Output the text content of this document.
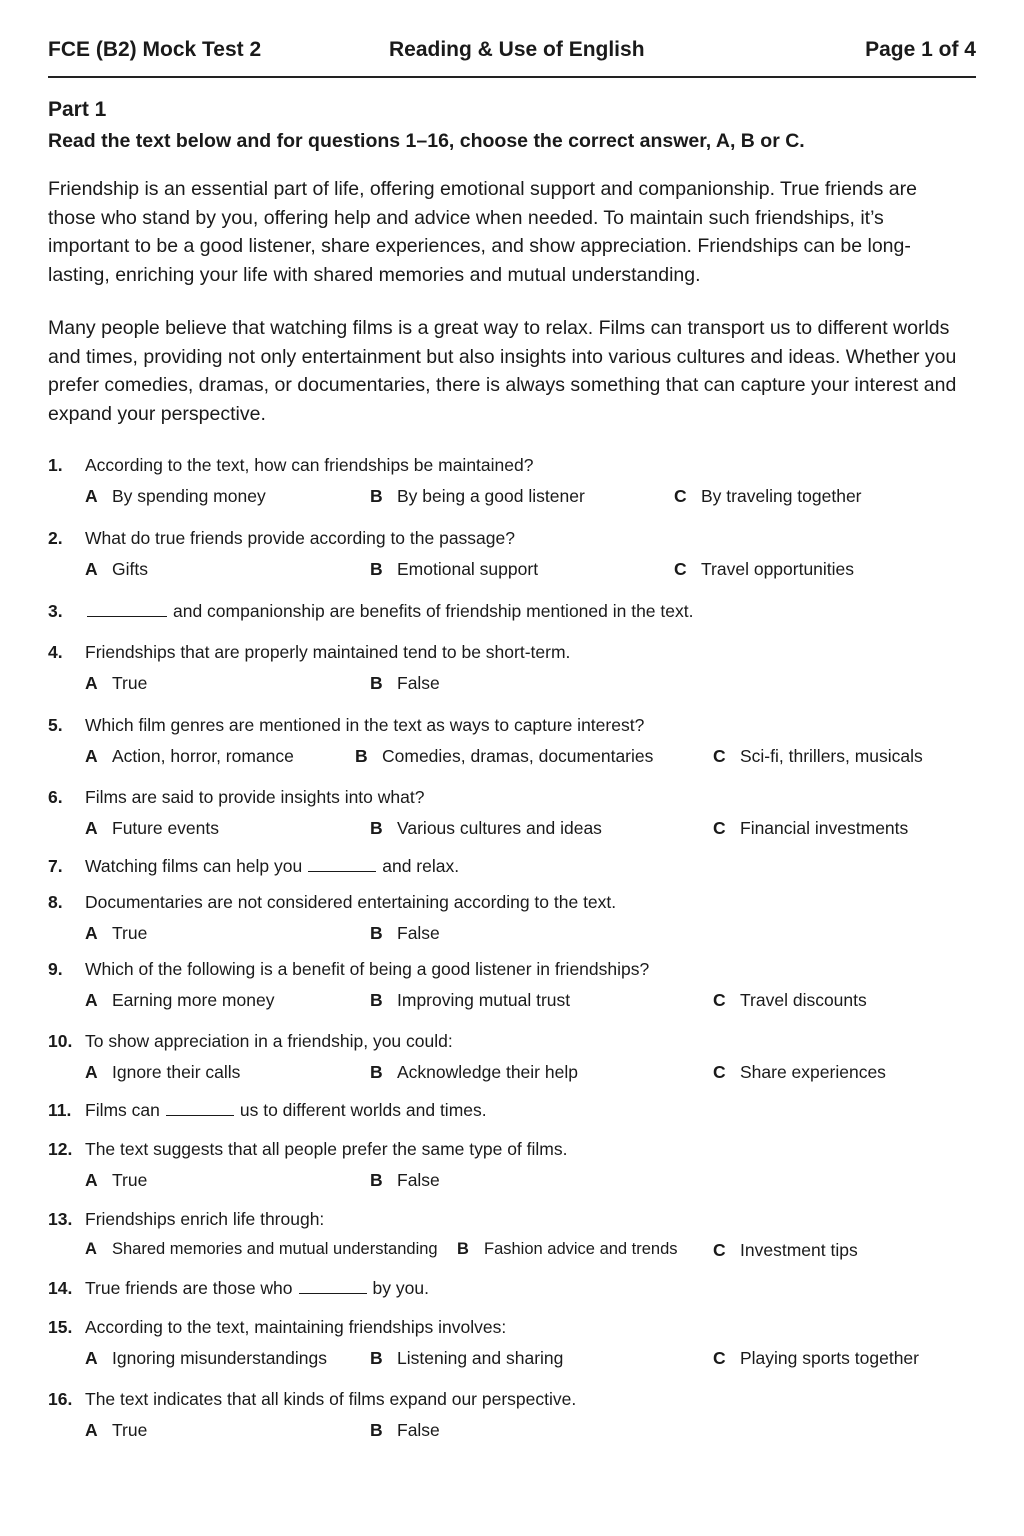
FCE (B2) Mock Test 2	Reading & Use of English	Page 1 of 4
Part 1
Read the text below and for questions 1–16, choose the correct answer, A, B or C.

Friendship is an essential part of life, offering emotional support and companionship. True friends are those who stand by you, offering help and advice when needed. To maintain such friendships, it’s important to be a good listener, share experiences, and show appreciation. Friendships can be long-lasting, enriching your life with shared memories and mutual understanding.

Many people believe that watching films is a great way to relax. Films can transport us to different worlds and times, providing not only entertainment but also insights into various cultures and ideas. Whether you prefer comedies, dramas, or documentaries, there is always something that can capture your interest and expand your perspective.

1. According to the text, how can friendships be maintained?
A By spending money	B By being a good listener	C By traveling together
2. What do true friends provide according to the passage?
A Gifts	B Emotional support	C Travel opportunities
3.	and companionship are benefits of friendship mentioned in the text.
4. Friendships that are properly maintained tend to be short-term.
A True	B False
5. Which film genres are mentioned in the text as ways to capture interest?
A Action, horror, romance	B Comedies, dramas, documentaries	C Sci-fi, thrillers, musicals
6. Films are said to provide insights into what?
A Future events	B Various cultures and ideas	C Financial investments
7. Watching films can help you	and relax.
8. Documentaries are not considered entertaining according to the text.
A True	B False
9. Which of the following is a benefit of being a good listener in friendships?
A Earning more money	B Improving mutual trust	C Travel discounts
10. To show appreciation in a friendship, you could:
A Ignore their calls	B Acknowledge their help	C Share experiences
11. Films can	us to different worlds and times.
12. The text suggests that all people prefer the same type of films.
A True	B False
13. Friendships enrich life through:
A Shared memories and mutual understanding B Fashion advice and trends C Investment tips
14. True friends are those who	by you.
15. According to the text, maintaining friendships involves:
A Ignoring misunderstandings B Listening and sharing	C Playing sports together
16. The text indicates that all kinds of films expand our perspective.
A True	B False
